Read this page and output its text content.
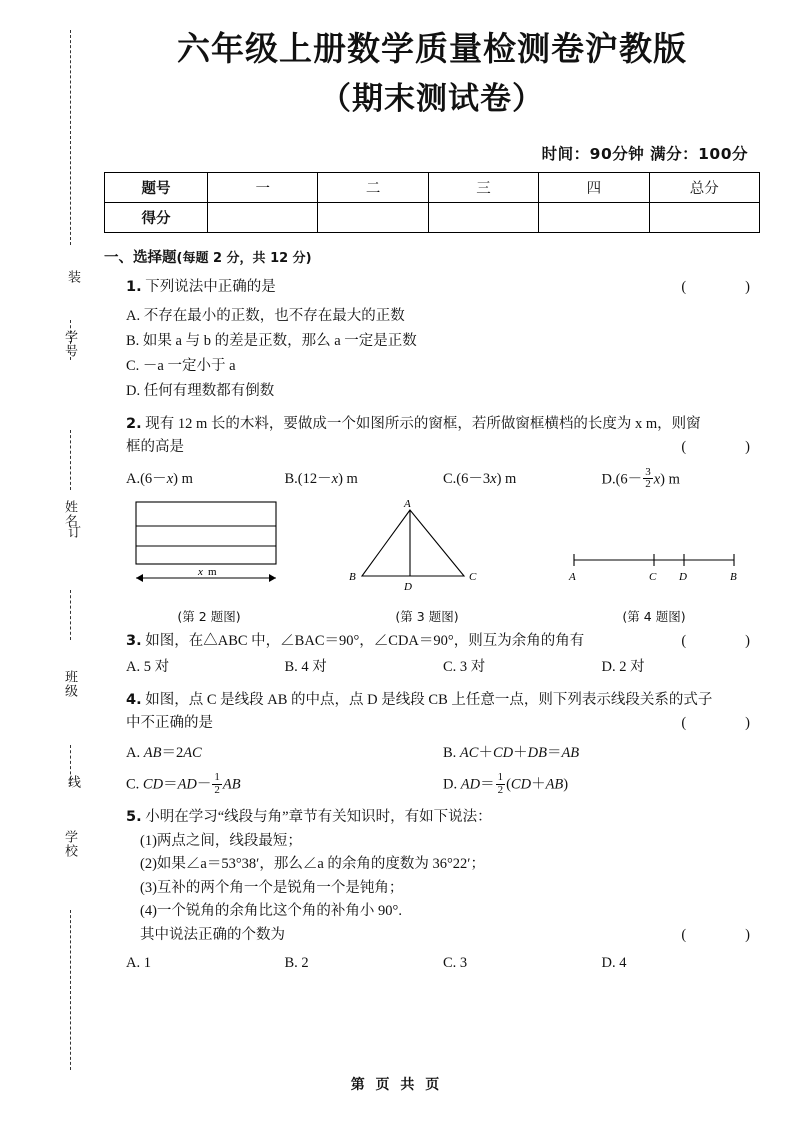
装
学号
姓名
订
班级
线
学校
六年级上册数学质量检测卷沪教版
（期末测试卷）
时间：90分钟 满分：100分
题号	一	二	三	四	总分
得分					
一、选择题(每题 2 分，共 12 分)
(　　)
1. 下列说法中正确的是
A. 不存在最小的正数，也不存在最大的正数
B. 如果 a 与 b 的差是正数，那么 a 一定是正数
C. －a 一定小于 a
D. 任何有理数都有倒数
2. 现有 12 m 长的木料，要做成一个如图所示的窗框，若所做窗框横档的长度为 x m，则窗
(　　)
框的高是
A.(6－x) m	B.(12－x) m	C.(6－3x) m	$D.(6- \frac{3}{2} x)$ m
x m
(第 2 题图)
A
B
D
C
(第 3 题图)
A	C D	B
(第 4 题图)
(　　)
3. 如图，在△ABC 中，∠BAC＝90°，∠CDA＝90°，则互为余角的角有
A. 5 对	B. 4 对	C. 3 对	D. 2 对
4. 如图，点 C 是线段 AB 的中点，点 D 是线段 CB 上任意一点，则下列表示线段关系的式子
(　　)
中不正确的是
A. AB＝2AC	B. AC＋CD＋DB＝AB
C. $CD=AD- \frac{1}{2}$ AB	D. $AD= \frac{1}{2} (CD+AB)$
5. 小明在学习“线段与角”章节有关知识时，有如下说法：
(1)两点之间，线段最短；
(2)如果∠a＝53°38′，那么∠a 的余角的度数为 36°22′；
(3)互补的两个角一个是锐角一个是钝角；
(4)一个锐角的余角比这个角的补角小 90°.
(　　)
其中说法正确的个数为
A. 1	B. 2	C. 3	D. 4
第 页 共 页
